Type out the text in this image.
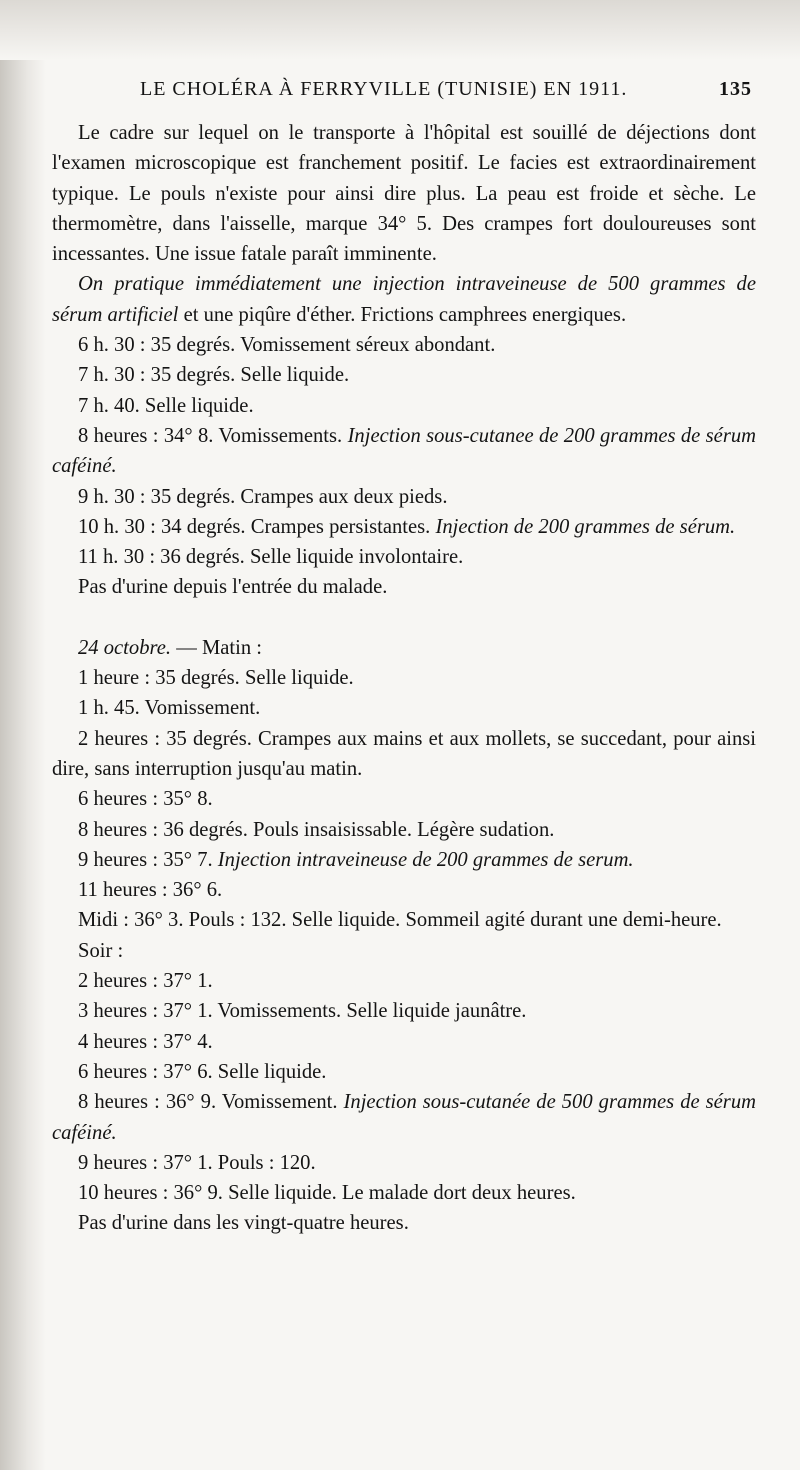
LE CHOLÉRA À FERRYVILLE (TUNISIE) EN 1911.	135

Le cadre sur lequel on le transporte à l'hôpital est souillé de déjections dont l'examen microscopique est franchement positif. Le facies est extraordinairement typique. Le pouls n'existe pour ainsi dire plus. La peau est froide et sèche. Le thermomètre, dans l'aisselle, marque 34° 5. Des crampes fort douloureuses sont incessantes. Une issue fatale paraît imminente.

On pratique immédiatement une injection intraveineuse de 500 grammes de sérum artificiel et une piqûre d'éther. Frictions camphrees energiques.

6 h. 30 : 35 degrés. Vomissement séreux abondant.

7 h. 30 : 35 degrés. Selle liquide.

7 h. 40. Selle liquide.

8 heures : 34° 8. Vomissements. Injection sous-cutanee de 200 grammes de sérum caféiné.

9 h. 30 : 35 degrés. Crampes aux deux pieds.

10 h. 30 : 34 degrés. Crampes persistantes. Injection de 200 grammes de sérum.

11 h. 30 : 36 degrés. Selle liquide involontaire.

Pas d'urine depuis l'entrée du malade.

24 octobre. — Matin :

1 heure : 35 degrés. Selle liquide.

1 h. 45. Vomissement.

2 heures : 35 degrés. Crampes aux mains et aux mollets, se succedant, pour ainsi dire, sans interruption jusqu'au matin.

6 heures : 35° 8.

8 heures : 36 degrés. Pouls insaisissable. Légère sudation.

9 heures : 35° 7. Injection intraveineuse de 200 grammes de serum.

11 heures : 36° 6.

Midi : 36° 3. Pouls : 132. Selle liquide. Sommeil agité durant une demi-heure.

Soir :

2 heures : 37° 1.

3 heures : 37° 1. Vomissements. Selle liquide jaunâtre.

4 heures : 37° 4.

6 heures : 37° 6. Selle liquide.

8 heures : 36° 9. Vomissement. Injection sous-cutanée de 500 grammes de sérum caféiné.

9 heures : 37° 1. Pouls : 120.

10 heures : 36° 9. Selle liquide. Le malade dort deux heures.

Pas d'urine dans les vingt-quatre heures.
